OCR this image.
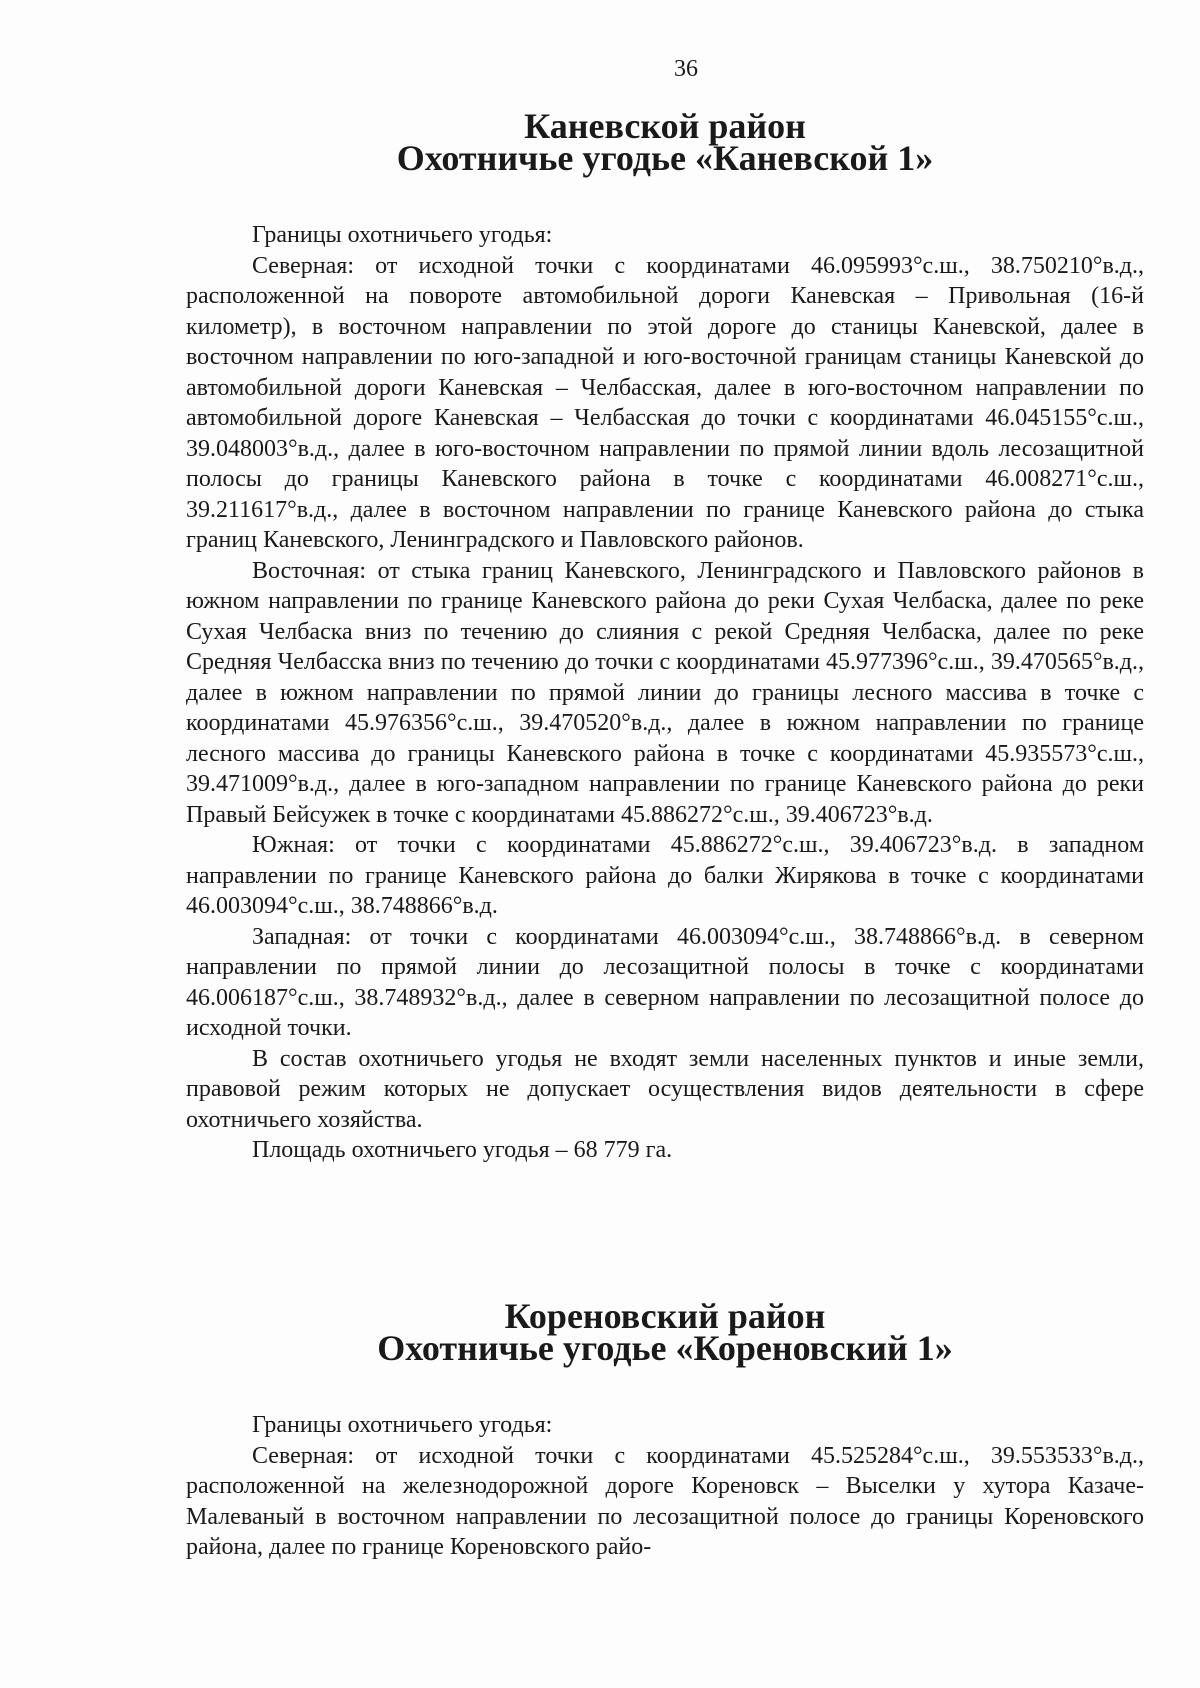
36
Каневской район
Охотничье угодье «Каневской 1»

Границы охотничьего угодья:

Северная: от исходной точки с координатами 46.095993°с.ш., 38.750210°в.д., расположенной на повороте автомобильной дороги Каневская – Привольная (16-й километр), в восточном направлении по этой дороге до станицы Каневской, далее в восточном направлении по юго-западной и юго-восточной границам станицы Каневской до автомобильной дороги Каневская – Челбасская, далее в юго-восточном направлении по автомобильной дороге Каневская – Челбасская до точки с координатами 46.045155°с.ш., 39.048003°в.д., далее в юго-восточном направлении по прямой линии вдоль лесозащитной полосы до границы Каневского района в точке с координатами 46.008271°с.ш., 39.211617°в.д., далее в восточном направлении по границе Каневского района до стыка границ Каневского, Ленинградского и Павловского районов.

Восточная: от стыка границ Каневского, Ленинградского и Павловского районов в южном направлении по границе Каневского района до реки Сухая Челбаска, далее по реке Сухая Челбаска вниз по течению до слияния с рекой Средняя Челбаска, далее по реке Средняя Челбасска вниз по течению до точки с координатами 45.977396°с.ш., 39.470565°в.д., далее в южном направлении по прямой линии до границы лесного массива в точке с координатами 45.976356°с.ш., 39.470520°в.д., далее в южном направлении по границе лесного массива до границы Каневского района в точке с координатами 45.935573°с.ш., 39.471009°в.д., далее в юго-западном направлении по границе Каневского района до реки Правый Бейсужек в точке с координатами 45.886272°с.ш., 39.406723°в.д.

Южная: от точки с координатами 45.886272°с.ш., 39.406723°в.д. в западном направлении по границе Каневского района до балки Жирякова в точке с координатами 46.003094°с.ш., 38.748866°в.д.

Западная: от точки с координатами 46.003094°с.ш., 38.748866°в.д. в северном направлении по прямой линии до лесозащитной полосы в точке с координатами 46.006187°с.ш., 38.748932°в.д., далее в северном направлении по лесозащитной полосе до исходной точки.

В состав охотничьего угодья не входят земли населенных пунктов и иные земли, правовой режим которых не допускает осуществления видов деятельности в сфере охотничьего хозяйства.

Площадь охотничьего угодья – 68 779 га.

Кореновский район
Охотничье угодье «Кореновский 1»

Границы охотничьего угодья:

Северная: от исходной точки с координатами 45.525284°с.ш., 39.553533°в.д., расположенной на железнодорожной дороге Кореновск – Выселки у хутора Казаче-Малеваный в восточном направлении по лесозащитной полосе до границы Кореновского района, далее по границе Кореновского райо-
